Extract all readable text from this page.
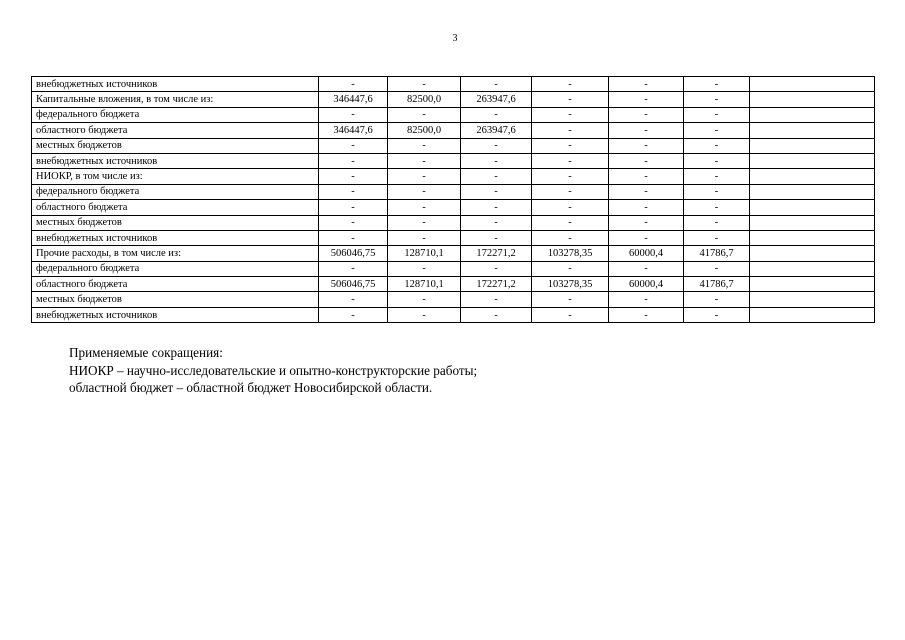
3
внебюджетных источников	-	-	-	-	-	-	
Капитальные вложения, в том числе из:	346447,6	82500,0	263947,6	-	-	-	
федерального бюджета	-	-	-	-	-	-	
областного бюджета	346447,6	82500,0	263947,6	-	-	-	
местных бюджетов	-	-	-	-	-	-	
внебюджетных источников	-	-	-	-	-	-	
НИОКР, в том числе из:	-	-	-	-	-	-	
федерального бюджета	-	-	-	-	-	-	
областного бюджета	-	-	-	-	-	-	
местных бюджетов	-	-	-	-	-	-	
внебюджетных источников	-	-	-	-	-	-	
Прочие расходы, в том числе из:	506046,75	128710,1	172271,2	103278,35	60000,4	41786,7	
федерального бюджета	-	-	-	-	-	-	
областного бюджета	506046,75	128710,1	172271,2	103278,35	60000,4	41786,7	
местных бюджетов	-	-	-	-	-	-	
внебюджетных источников	-	-	-	-	-	-	
Применяемые сокращения:
НИОКР – научно-исследовательские и опытно-конструкторские работы;
областной бюджет – областной бюджет Новосибирской области.
